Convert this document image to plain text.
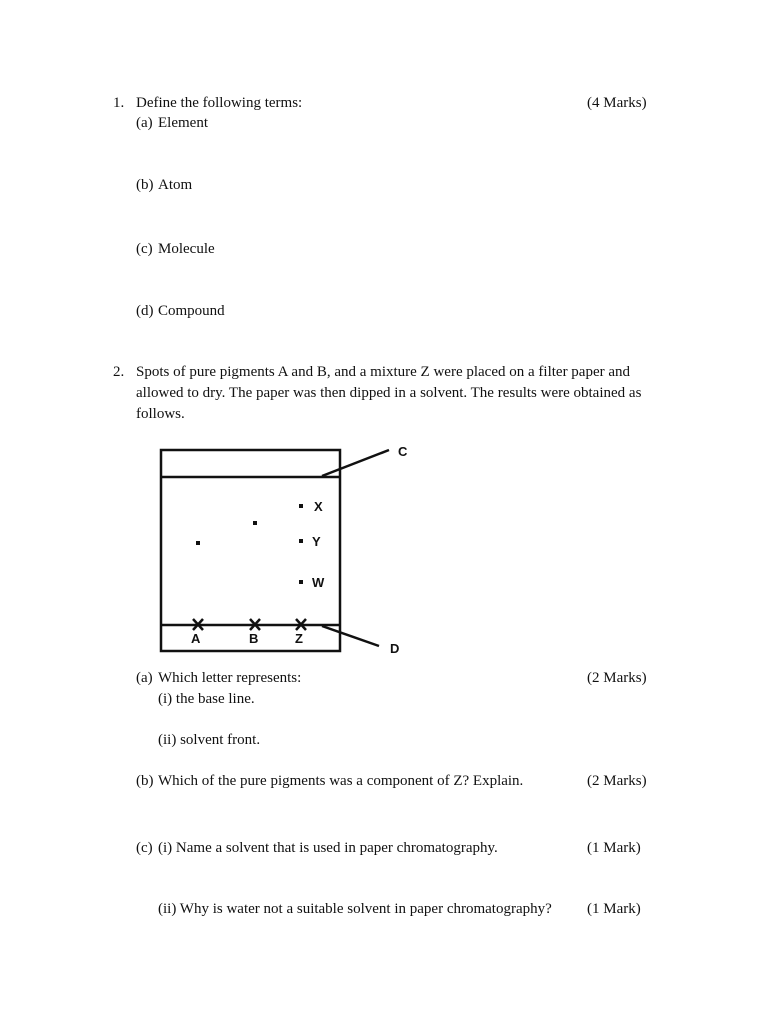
1. Define the following terms:	(4 Marks)
(a) Element
(b) Atom
(c) Molecule
(d) Compound
2. Spots of pure pigments A and B, and a mixture Z were placed on a filter paper and
allowed to dry. The paper was then dipped in a solvent. The results were obtained as
follows.
C
D
X
Y
W
A	B	Z
(a) Which letter represents:	(2 Marks)
(i) the base line.
(ii) solvent front.
(b) Which of the pure pigments was a component of Z? Explain.	(2 Marks)
(c) (i) Name a solvent that is used in paper chromatography.	(1 Mark)
(ii) Why is water not a suitable solvent in paper chromatography? (1 Mark)
